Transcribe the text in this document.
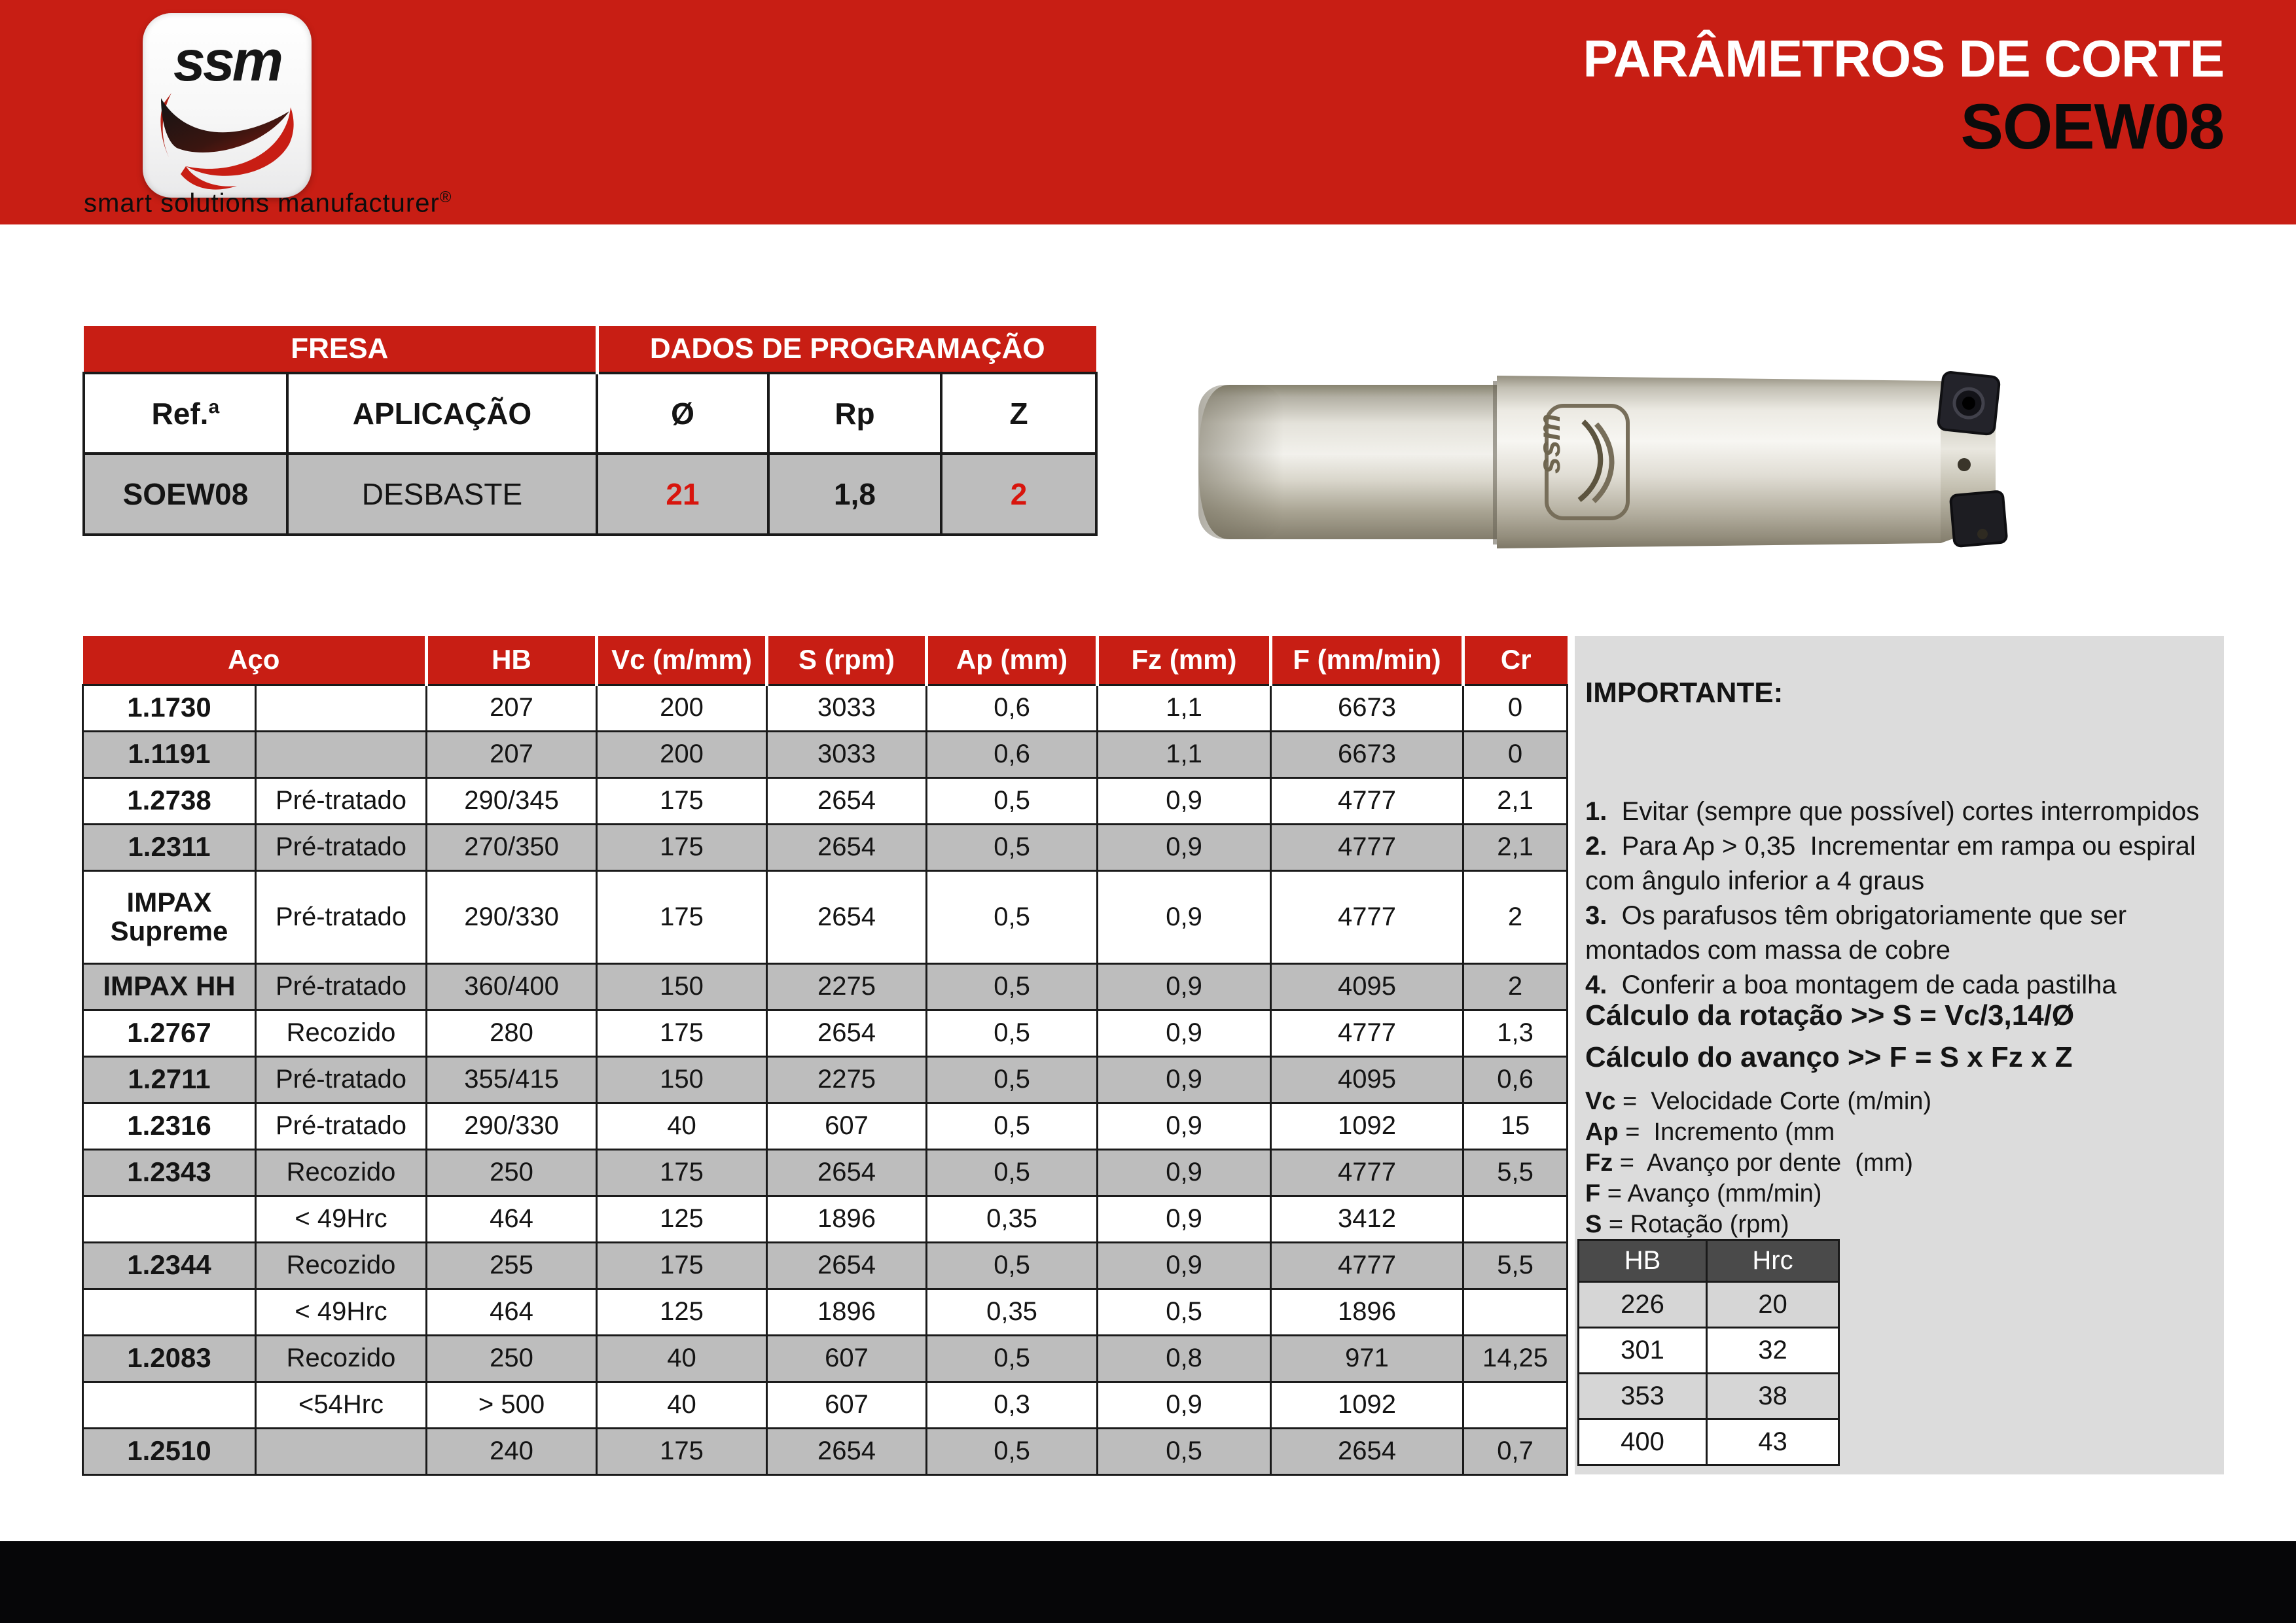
ssm
smart solutions manufacturer®
PARÂMETROS DE CORTE
SOEW08
FRESA		DADOS DE PROGRAMAÇÃO		
Ref.ª	APLICAÇÃO	Ø	Rp	Z
SOEW08	DESBASTE	21	1,8	2
ssm
Aço		HB	Vc (m/mm)	S (rpm)	Ap (mm)	Fz (mm)	F (mm/min)	Cr
1.1730		207	200	3033	0,6	1,1	6673	0
1.1191		207	200	3033	0,6	1,1	6673	0
1.2738	Pré-tratado	290/345	175	2654	0,5	0,9	4777	2,1
1.2311	Pré-tratado	270/350	175	2654	0,5	0,9	4777	2,1
IMPAX Supreme	Pré-tratado	290/330	175	2654	0,5	0,9	4777	2
IMPAX HH	Pré-tratado	360/400	150	2275	0,5	0,9	4095	2
1.2767	Recozido	280	175	2654	0,5	0,9	4777	1,3
1.2711	Pré-tratado	355/415	150	2275	0,5	0,9	4095	0,6
1.2316	Pré-tratado	290/330	40	607	0,5	0,9	1092	15
1.2343	Recozido	250	175	2654	0,5	0,9	4777	5,5
	< 49Hrc	464	125	1896	0,35	0,9	3412	
1.2344	Recozido	255	175	2654	0,5	0,9	4777	5,5
	< 49Hrc	464	125	1896	0,35	0,5	1896	
1.2083	Recozido	250	40	607	0,5	0,8	971	14,25
	<54Hrc	> 500	40	607	0,3	0,9	1092	
1.2510		240	175	2654	0,5	0,5	2654	0,7
IMPORTANTE:
1.  Evitar (sempre que possível) cortes interrompidos
2.  Para Ap > 0,35  Incrementar em rampa ou espiral com ângulo inferior a 4 graus
3.  Os parafusos têm obrigatoriamente que ser montados com massa de cobre
4.  Conferir a boa montagem de cada pastilha
Cálculo da rotação >> S = Vc/3,14/Ø
Cálculo do avanço >> F = S x Fz x Z
Vc =  Velocidade Corte (m/min)
Ap =  Incremento (mm
Fz =  Avanço por dente  (mm)
F = Avanço (mm/min)
S = Rotação (rpm)
HB	Hrc
226	20
301	32
353	38
400	43
